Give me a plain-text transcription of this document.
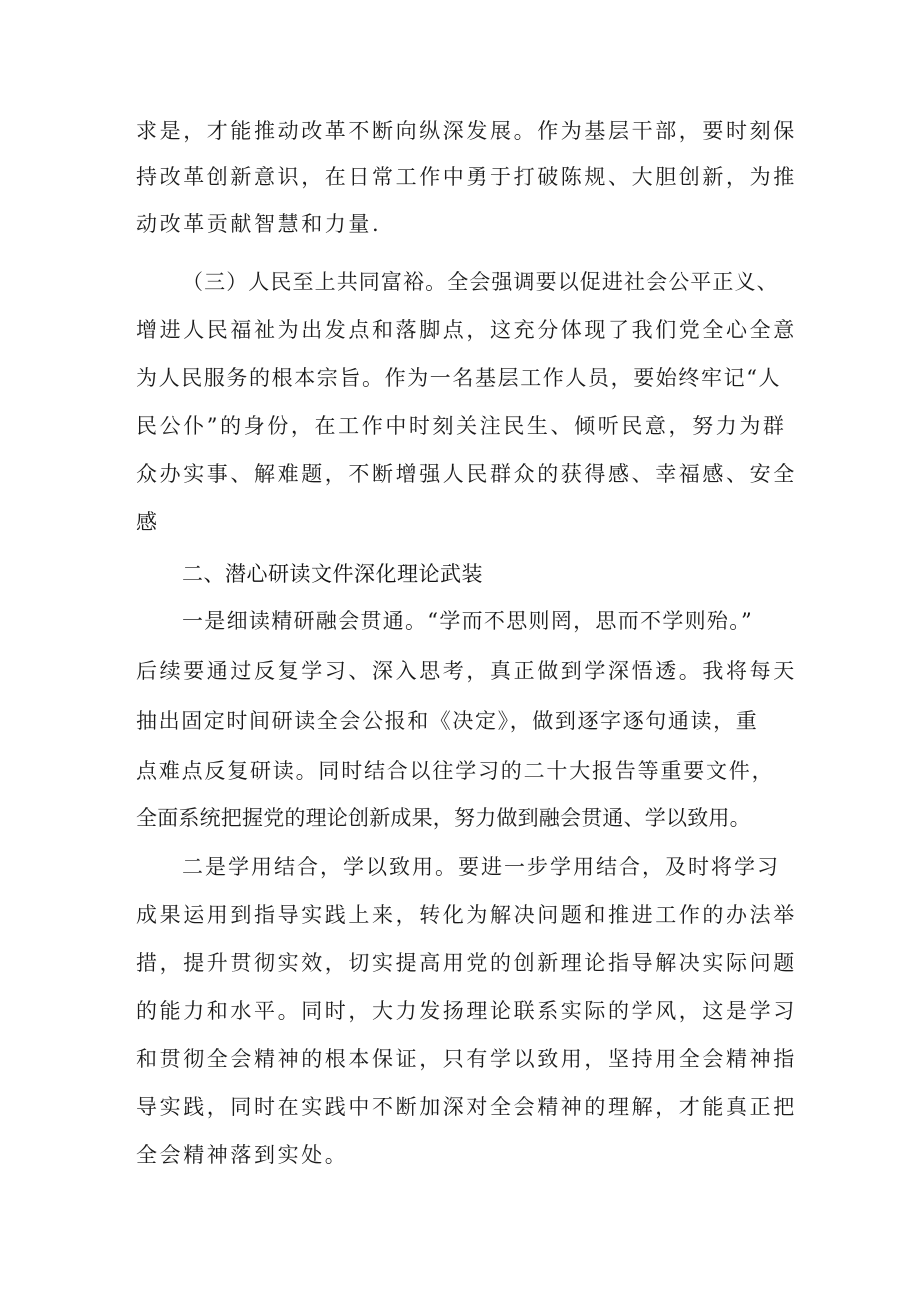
求是，才能推动改革不断向纵深发展。作为基层干部，要时刻保
持改革创新意识，在日常工作中勇于打破陈规、大胆创新，为推
动改革贡献智慧和力量.
（三）人民至上共同富裕。全会强调要以促进社会公平正义、
增进人民福祉为出发点和落脚点，这充分体现了我们党全心全意
为人民服务的根本宗旨。作为一名基层工作人员，要始终牢记“人
民公仆”的身份，在工作中时刻关注民生、倾听民意，努力为群
众办实事、解难题，不断增强人民群众的获得感、幸福感、安全
感
二、潜心研读文件深化理论武装
一是细读精研融会贯通。“学而不思则罔，思而不学则殆。”
后续要通过反复学习、深入思考，真正做到学深悟透。我将每天
抽出固定时间研读全会公报和《决定》，做到逐字逐句通读，重
点难点反复研读。同时结合以往学习的二十大报告等重要文件，
全面系统把握党的理论创新成果，努力做到融会贯通、学以致用。
二是学用结合，学以致用。要进一步学用结合，及时将学习
成果运用到指导实践上来，转化为解决问题和推进工作的办法举
措，提升贯彻实效，切实提高用党的创新理论指导解决实际问题
的能力和水平。同时，大力发扬理论联系实际的学风，这是学习
和贯彻全会精神的根本保证，只有学以致用，坚持用全会精神指
导实践，同时在实践中不断加深对全会精神的理解，才能真正把
全会精神落到实处。
